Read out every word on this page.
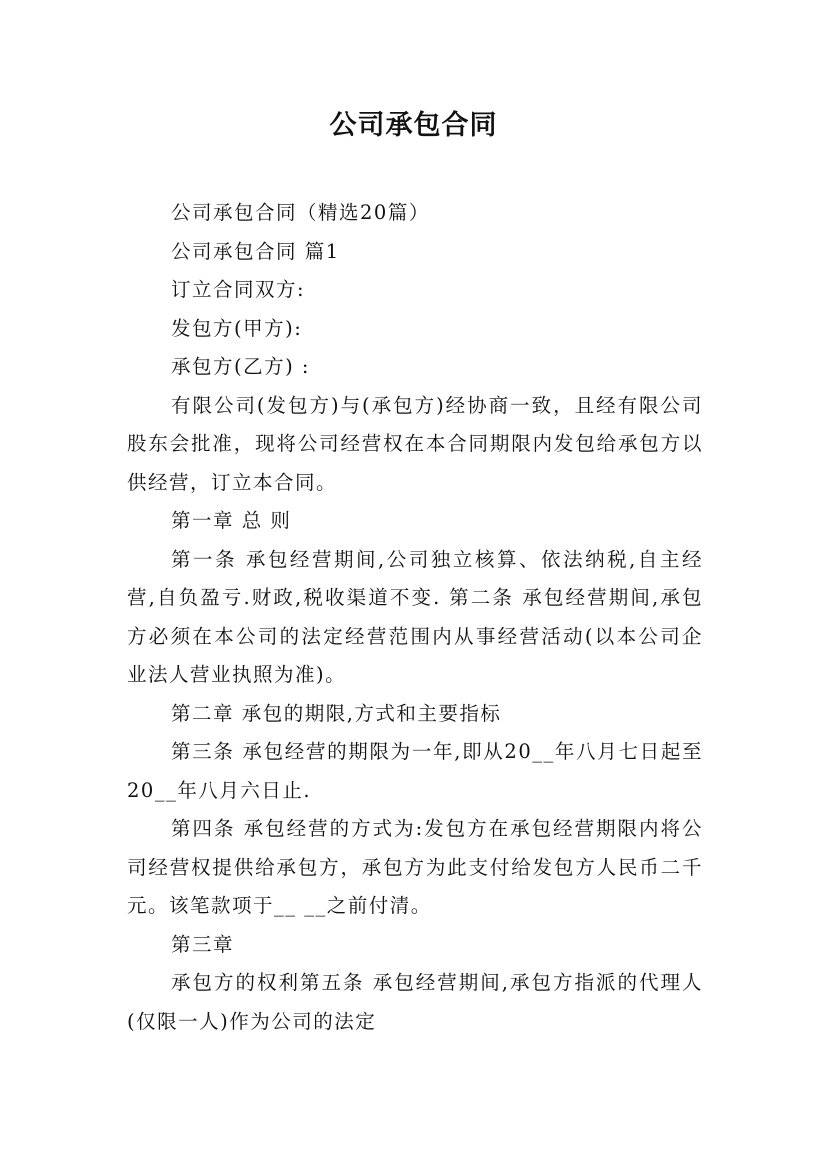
公司承包合同

公司承包合同（精选20篇）

公司承包合同 篇1

订立合同双方:

发包方(甲方):

承包方(乙方) :

有限公司(发包方)与(承包方)经协商一致，且经有限公司股东会批准，现将公司经营权在本合同期限内发包给承包方以供经营，订立本合同。

第一章 总 则

第一条 承包经营期间,公司独立核算、依法纳税,自主经营,自负盈亏.财政,税收渠道不变. 第二条 承包经营期间,承包方必须在本公司的法定经营范围内从事经营活动(以本公司企业法人营业执照为准)。

第二章 承包的期限,方式和主要指标

第三条 承包经营的期限为一年,即从20__年八月七日起至20__年八月六日止.

第四条 承包经营的方式为:发包方在承包经营期限内将公司经营权提供给承包方，承包方为此支付给发包方人民币二千元。该笔款项于__ __之前付清。

第三章

承包方的权利第五条 承包经营期间,承包方指派的代理人(仅限一人)作为公司的法定
